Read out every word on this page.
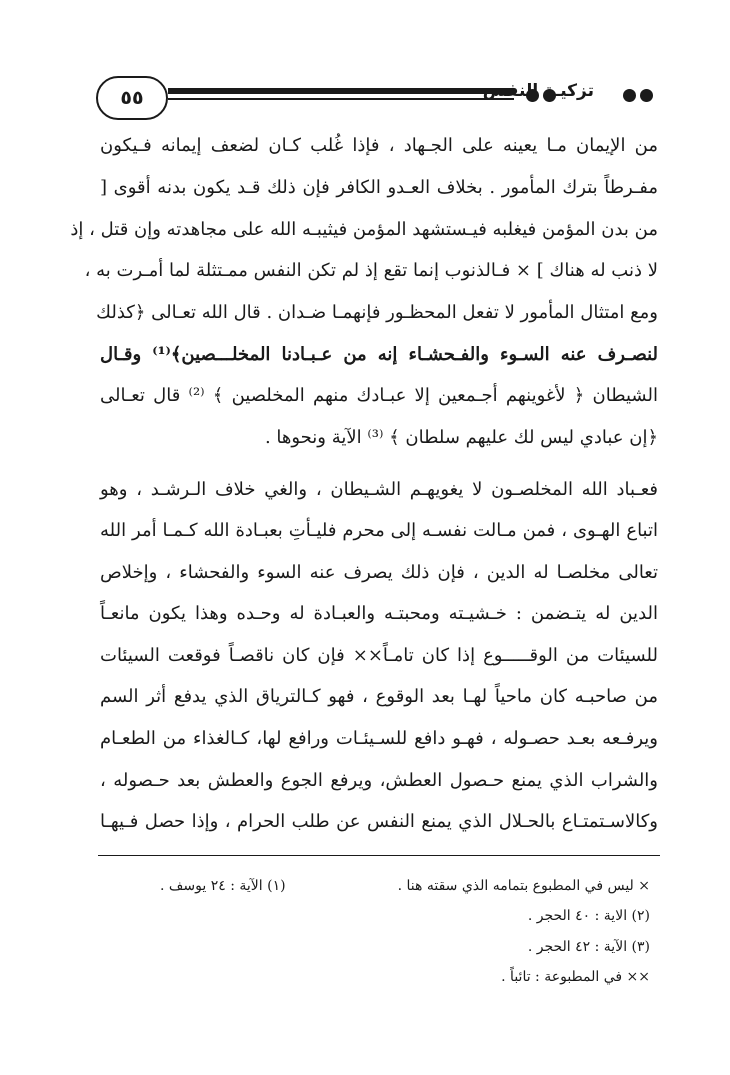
٥٥	تزكيـة النفس
من الإيمان مـا يعينه على الجـهاد ، فإذا غُلب كـان لضعف إيمانه فـيكون
مفـرطاً بترك المأمور . بخلاف العـدو الكافر فإن ذلك قـد يكون بدنه أقوى [
من بدن المؤمن فيغلبه فيـستشهد المؤمن فيثيبـه الله على مجاهدته وإن قتل ، إذ
لا ذنب له هناك ] × فـالذنوب إنما تقع إذ لم تكن النفس ممـتثلة لما أمـرت به ،
ومع امتثال المأمور لا تفعل المحظـور فإنهمـا ضـدان . قال الله تعـالى ﴿كذلك
لنصـرف عنه السـوء والفـحشـاء إنه من عـبـادنا المخلـــصين﴾⁽¹⁾ وقـال
الشيطان ﴿ لأغوينهم أجـمعين إلا عبـادك منهم المخلصين ﴾ ⁽²⁾ قال تعـالى
﴿إن عبادي ليس لك عليهم سلطان ﴾ ⁽³⁾ الآية ونحوها .
فعـباد الله المخلصـون لا يغويهـم الشـيطان ، والغي خلاف الـرشـد ، وهو
اتباع الهـوى ، فمن مـالت نفسـه إلى محرم فليـأتِ بعبـادة الله كـمـا أمر الله
تعالى مخلصـا له الدين ، فإن ذلك يصرف عنه السوء والفحشاء ، وإخلاص
الدين له يتـضمن : خـشيـته ومحبتـه والعبـادة له وحـده وهذا يكون مانعـاً
للسيئات من الوقـــــوع إذا كان تامـاً×× فإن كان ناقصـاً فوقعت السيئات
من صاحبـه كان ماحياً لهـا بعد الوقوع ، فهو كـالترياق الذي يدفع أثر السم
ويرفـعه بعـد حصـوله ، فهـو دافع للسـيئـات ورافع لها، كـالغذاء من الطعـام
والشراب الذي يمنع حـصول العطش، ويرفع الجوع والعطش بعد حـصوله ،
وكالاسـتمتـاع بالحـلال الذي يمنع النفس عن طلب الحرام ، وإذا حصل فـيهـا
× ليس في المطبوع بتمامه الذي سقته هنا .
(١) الآية : ٢٤ يوسف .
(٢) الاية : ٤٠ الحجر .
(٣) الآية : ٤٢ الحجر .
×× في المطبوعة : تائباً .
